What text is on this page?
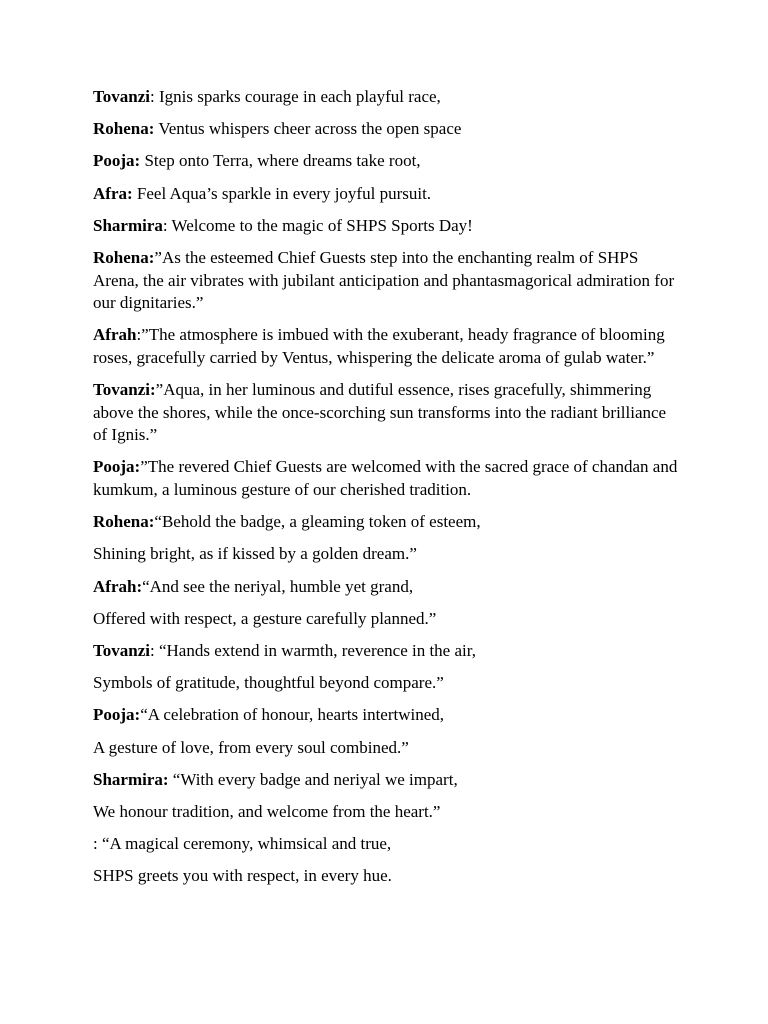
Tovanzi: Ignis sparks courage in each playful race,

Rohena: Ventus whispers cheer across the open space

Pooja: Step onto Terra, where dreams take root,

Afra: Feel Aqua’s sparkle in every joyful pursuit.

Sharmira: Welcome to the magic of SHPS Sports Day!

Rohena:”As the esteemed Chief Guests step into the enchanting realm of SHPS Arena, the air vibrates with jubilant anticipation and phantasmagorical admiration for our dignitaries.”

Afrah:”The atmosphere is imbued with the exuberant, heady fragrance of blooming roses, gracefully carried by Ventus, whispering the delicate aroma of gulab water.”

Tovanzi:”Aqua, in her luminous and dutiful essence, rises gracefully, shimmering above the shores, while the once-scorching sun transforms into the radiant brilliance of Ignis.”

Pooja:”The revered Chief Guests are welcomed with the sacred grace of chandan and kumkum, a luminous gesture of our cherished tradition.

Rohena:“Behold the badge, a gleaming token of esteem,

Shining bright, as if kissed by a golden dream.”

Afrah:“And see the neriyal, humble yet grand,

Offered with respect, a gesture carefully planned.”

Tovanzi: “Hands extend in warmth, reverence in the air,

Symbols of gratitude, thoughtful beyond compare.”

Pooja:“A celebration of honour, hearts intertwined,

A gesture of love, from every soul combined.”

Sharmira: “With every badge and neriyal we impart,

We honour tradition, and welcome from the heart.”

: “A magical ceremony, whimsical and true,

SHPS greets you with respect, in every hue.
